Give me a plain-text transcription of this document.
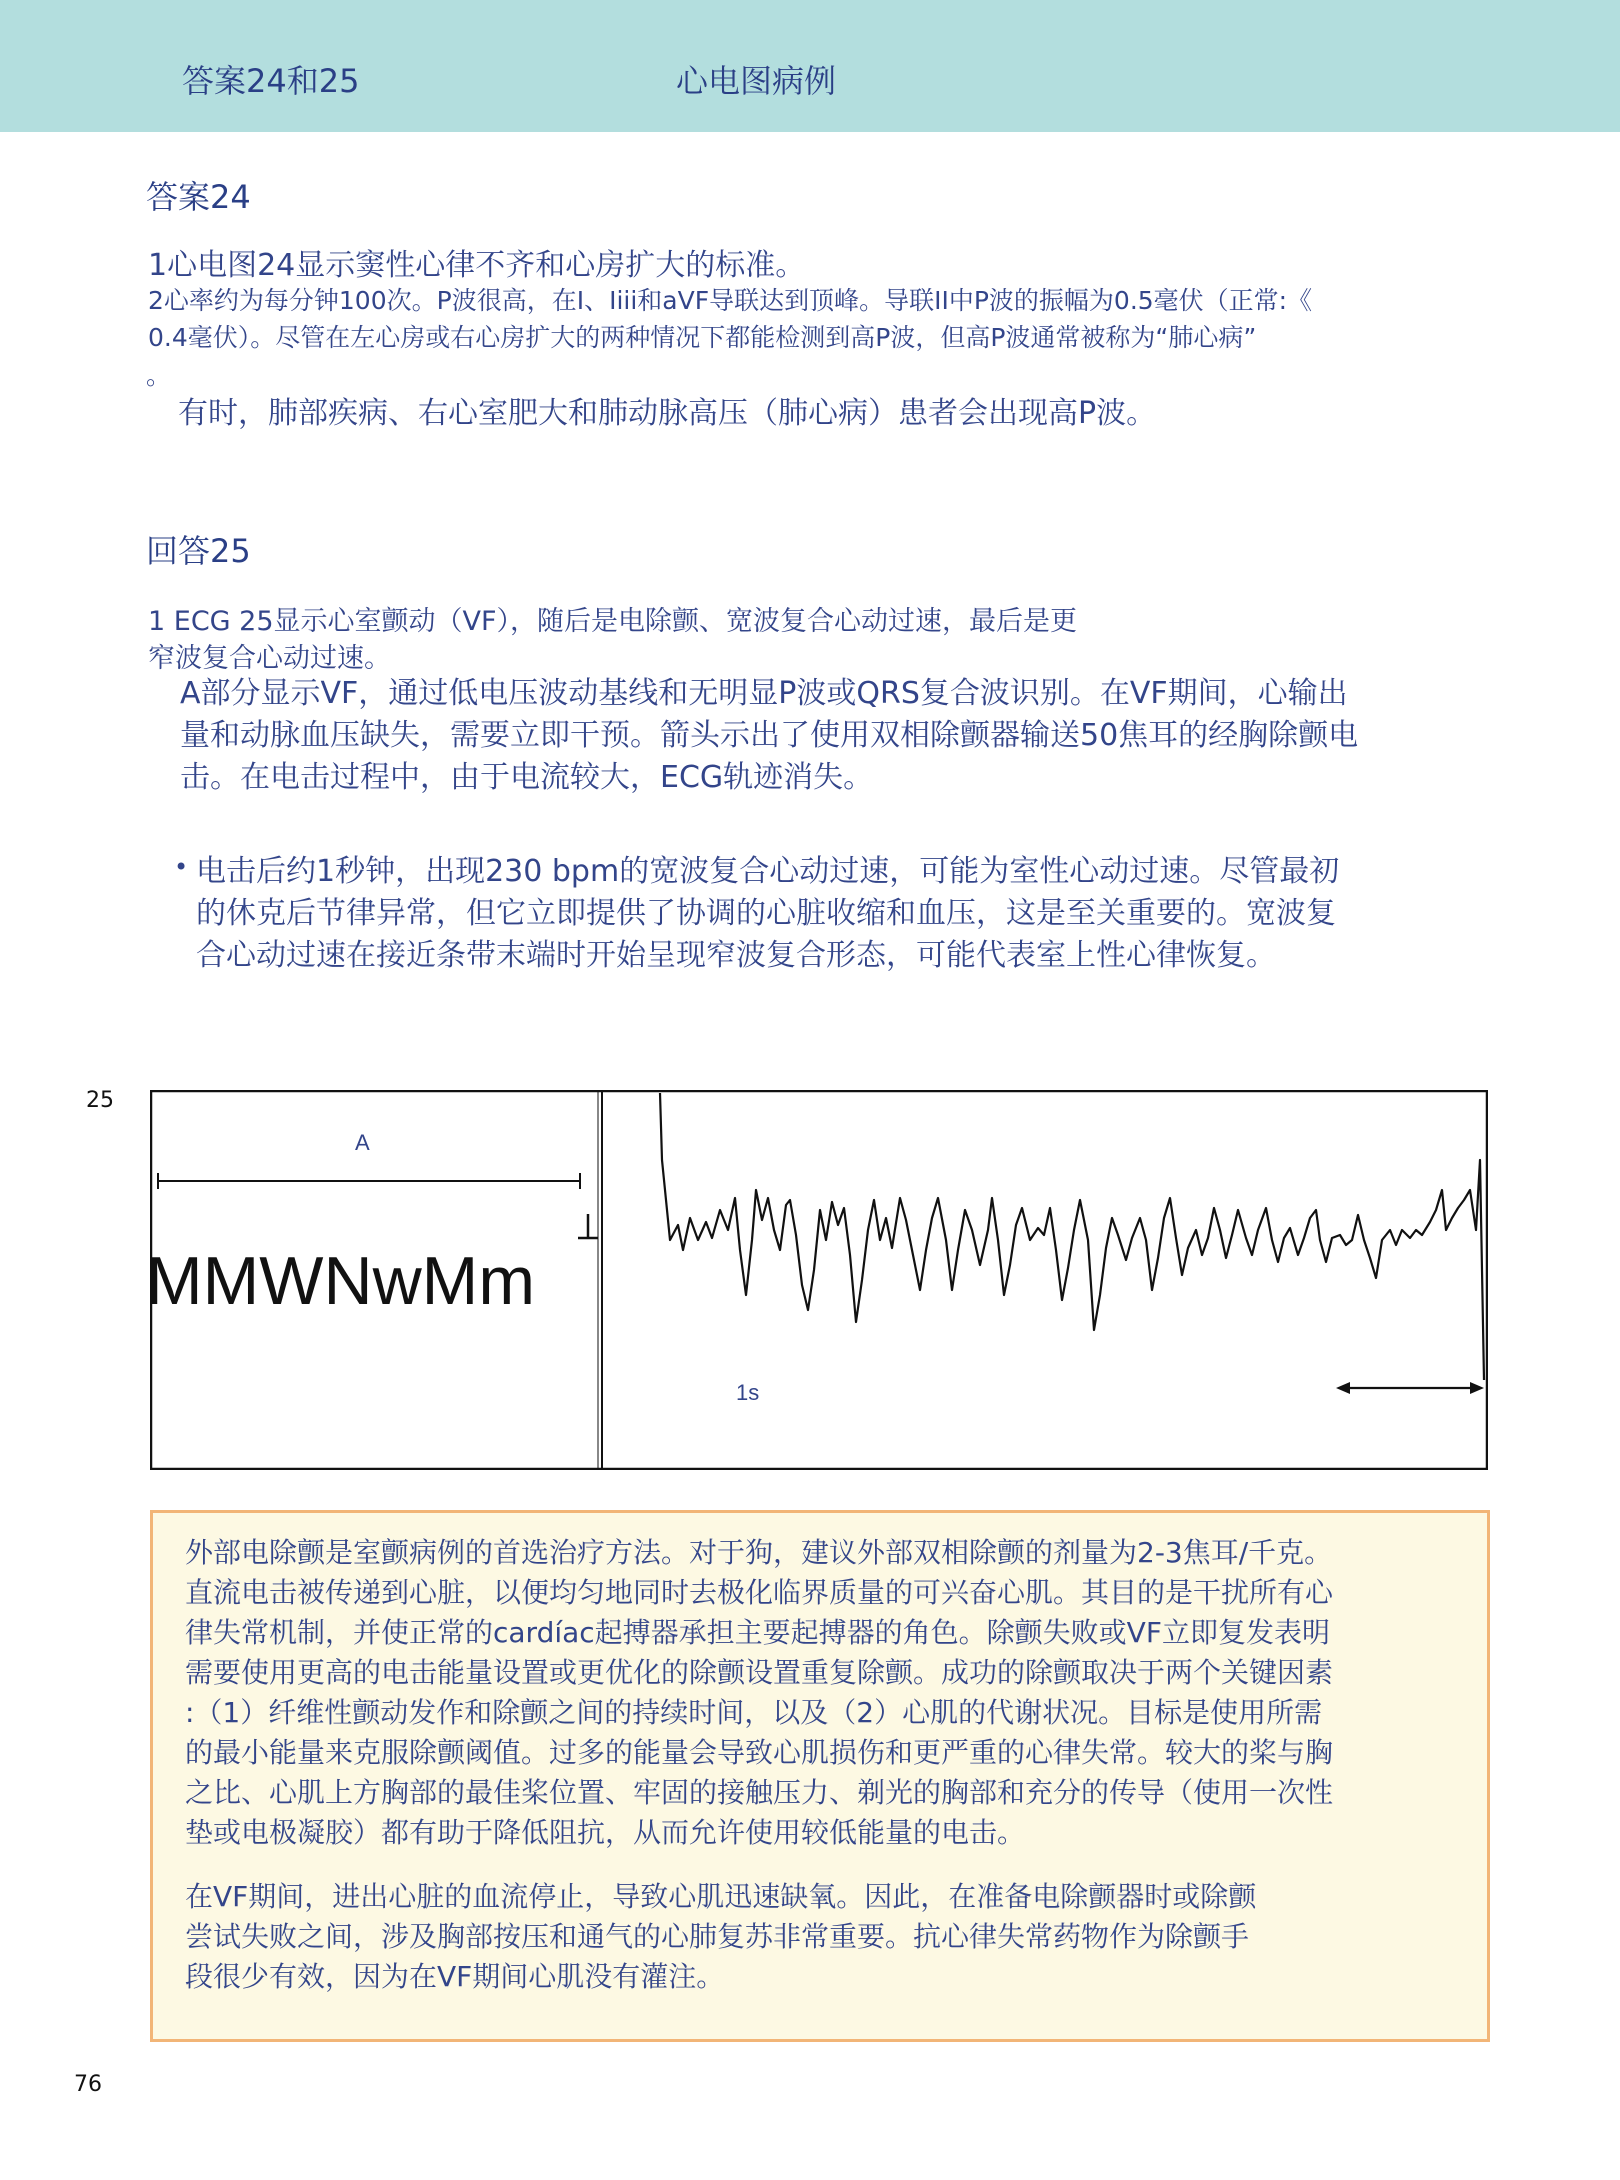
答案24和25	心电图病例
答案24
1心电图24显示窦性心律不齐和心房扩大的标准。
2心率约为每分钟100次。P波很高，在I、Iiii和aVF导联达到顶峰。导联II中P波的振幅为0.5毫伏（正常:《
0.4毫伏）。尽管在左心房或右心房扩大的两种情况下都能检测到高P波，但高P波通常被称为“肺心病”
。
有时，肺部疾病、右心室肥大和肺动脉高压（肺心病）患者会出现高P波。
回答25
1 ECG 25显示心室颤动（VF），随后是电除颤、宽波复合心动过速，最后是更
窄波复合心动过速。
A部分显示VF，通过低电压波动基线和无明显P波或QRS复合波识别。在VF期间，心输出
量和动脉血压缺失，需要立即干预。箭头示出了使用双相除颤器输送50焦耳的经胸除颤电
击。在电击过程中，由于电流较大，ECG轨迹消失。
• 电击后约1秒钟，出现230 bpm的宽波复合心动过速，可能为室性心动过速。尽管最初
的休克后节律异常，但它立即提供了协调的心脏收缩和血压，这是至关重要的。宽波复
合心动过速在接近条带末端时开始呈现窄波复合形态，可能代表室上性心律恢复。
25
A
MMWNwMm
1s
外部电除颤是室颤病例的首选治疗方法。对于狗，建议外部双相除颤的剂量为2-3焦耳/千克。
直流电击被传递到心脏，以便均匀地同时去极化临界质量的可兴奋心肌。其目的是干扰所有心
律失常机制，并使正常的cardíac起搏器承担主要起搏器的角色。除颤失败或VF立即复发表明
需要使用更高的电击能量设置或更优化的除颤设置重复除颤。成功的除颤取决于两个关键因素
:（1）纤维性颤动发作和除颤之间的持续时间，以及（2）心肌的代谢状况。目标是使用所需
的最小能量来克服除颤阈值。过多的能量会导致心肌损伤和更严重的心律失常。较大的桨与胸
之比、心肌上方胸部的最佳桨位置、牢固的接触压力、剃光的胸部和充分的传导（使用一次性
垫或电极凝胶）都有助于降低阻抗，从而允许使用较低能量的电击。
在VF期间，进出心脏的血流停止，导致心肌迅速缺氧。因此，在准备电除颤器时或除颤
尝试失败之间，涉及胸部按压和通气的心肺复苏非常重要。抗心律失常药物作为除颤手
段很少有效，因为在VF期间心肌没有灌注。
76
